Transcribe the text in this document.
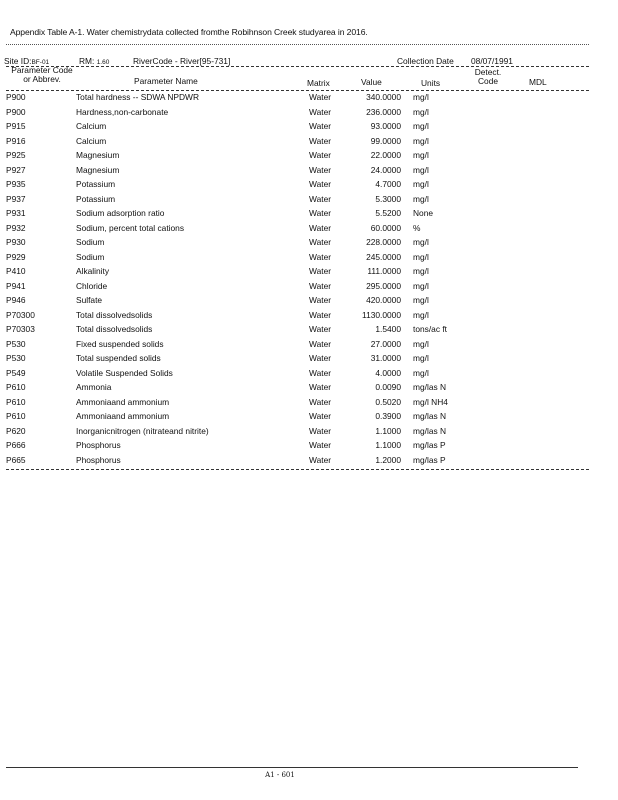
Appendix Table A-1. Water chemistrydata collected fromthe Robihnson Creek studyarea in 2016.
Site ID:BF-01	RM: 1.60	RiverCode - River[95-731]	Collection Date 08/07/1991
Parameter Code
or Abbrev.	Parameter Name	Matrix	Value	Units
Detect.
Code	MDL
P900	Total hardness -- SDWA NPDWR	Water	340.0000 mg/l
P900	Hardness,non-carbonate	Water	236.0000 mg/l
P915	Calcium	Water	93.0000 mg/l
P916	Calcium	Water	99.0000 mg/l
P925	Magnesium	Water	22.0000 mg/l
P927	Magnesium	Water	24.0000 mg/l
P935	Potassium	Water	4.7000 mg/l
P937	Potassium	Water	5.3000 mg/l
P931	Sodium adsorption ratio	Water	5.5200 None
P932	Sodium, percent total cations	Water	60.0000 %
P930	Sodium	Water	228.0000 mg/l
P929	Sodium	Water	245.0000 mg/l
P410	Alkalinity	Water	111.0000 mg/l
P941	Chloride	Water	295.0000 mg/l
P946	Sulfate	Water	420.0000 mg/l
P70300	Total dissolvedsolids	Water	1130.0000 mg/l
P70303	Total dissolvedsolids	Water	1.5400 tons/ac ft
P530	Fixed suspended solids	Water	27.0000 mg/l
P530	Total suspended solids	Water	31.0000 mg/l
P549	Volatile Suspended Solids	Water	4.0000 mg/l
P610	Ammonia	Water	0.0090 mg/las N
P610	Ammoniaand ammonium	Water	0.5020 mg/l NH4
P610	Ammoniaand ammonium	Water	0.3900 mg/las N
P620	Inorganicnitrogen (nitrateand nitrite)	Water	1.1000 mg/las N
P666	Phosphorus	Water	1.1000 mg/las P
P665	Phosphorus	Water	1.2000 mg/las P
A1 - 601
